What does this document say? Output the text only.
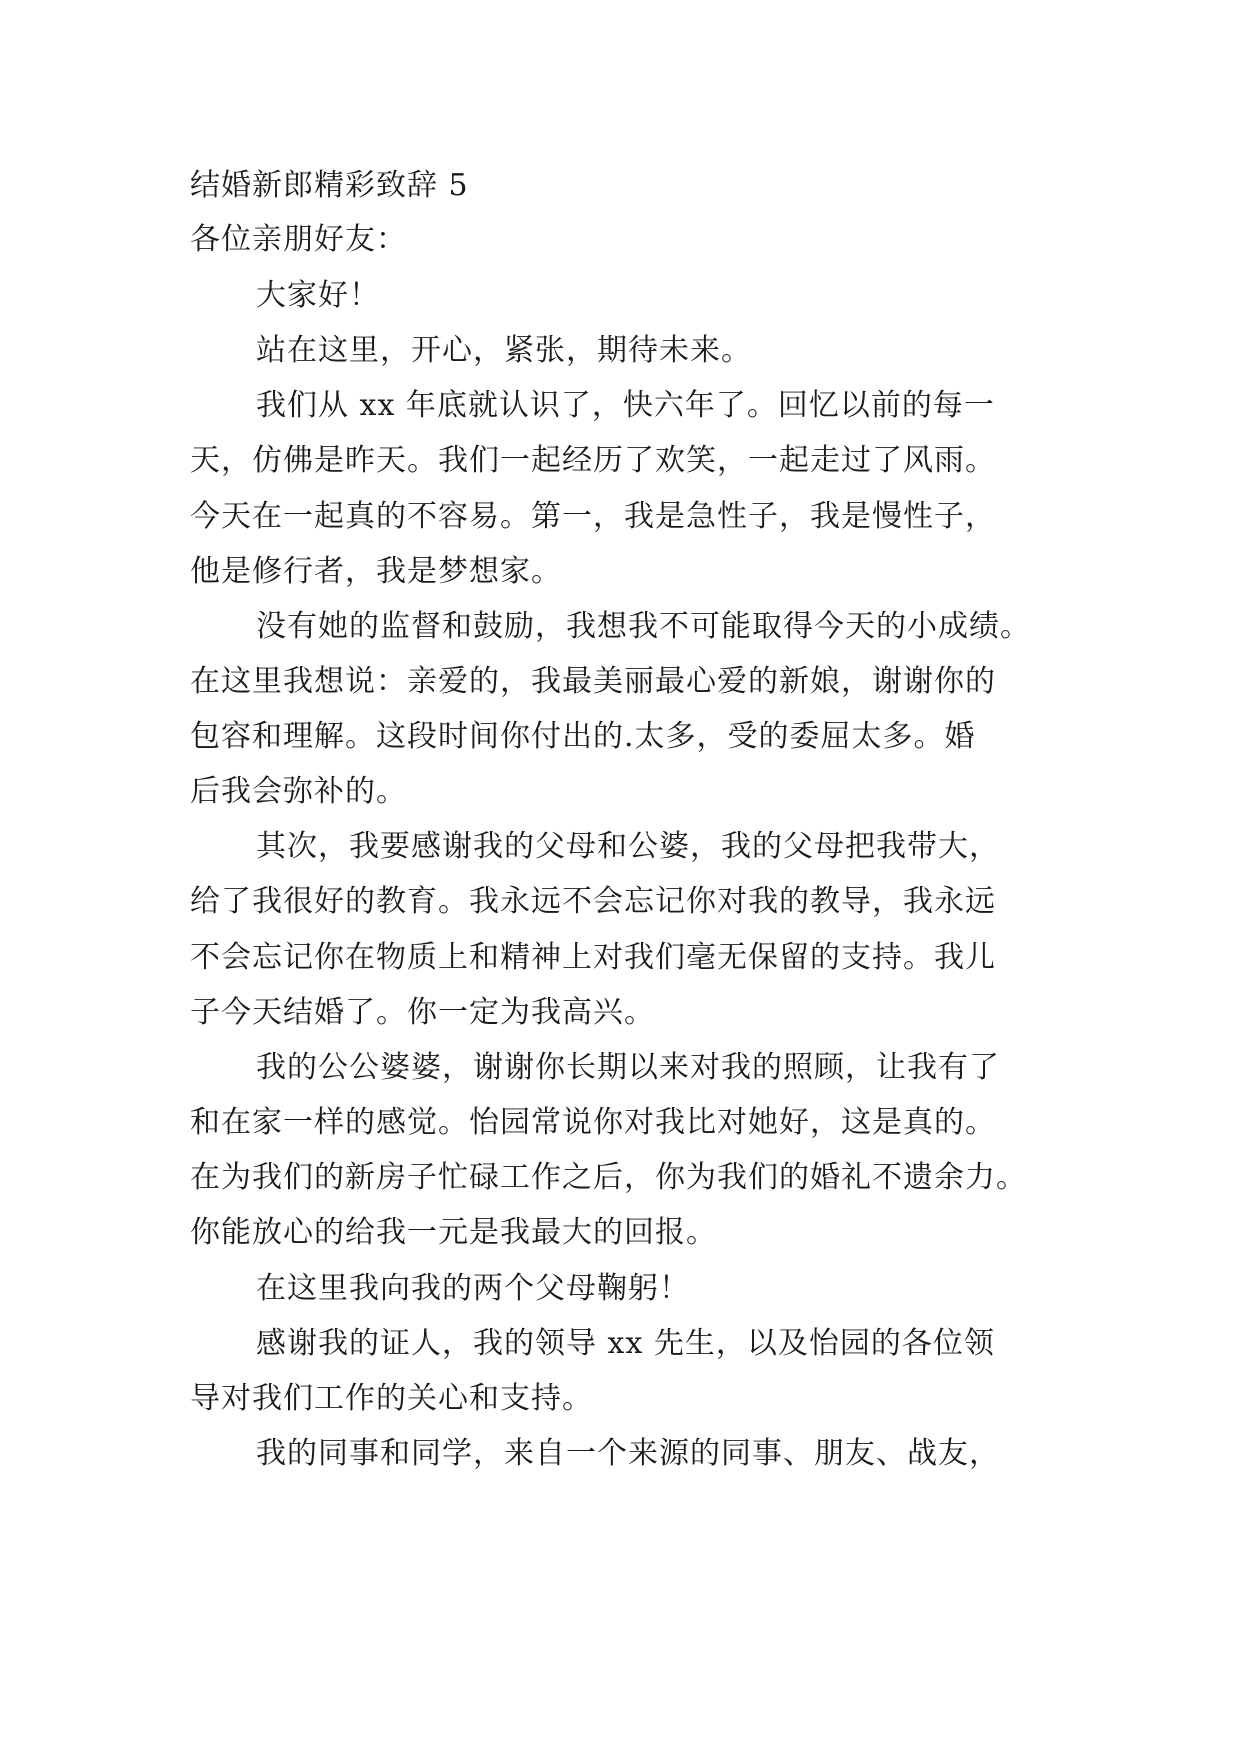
结婚新郎精彩致辞 5
各位亲朋好友：
大家好！
站在这里，开心，紧张，期待未来。
我们从 xx 年底就认识了，快六年了。回忆以前的每一
天，仿佛是昨天。我们一起经历了欢笑，一起走过了风雨。
今天在一起真的不容易。第一，我是急性子，我是慢性子，
他是修行者，我是梦想家。
没有她的监督和鼓励，我想我不可能取得今天的小成绩。
在这里我想说：亲爱的，我最美丽最心爱的新娘，谢谢你的
包容和理解。这段时间你付出的.太多，受的委屈太多。婚
后我会弥补的。
其次，我要感谢我的父母和公婆，我的父母把我带大，
给了我很好的教育。我永远不会忘记你对我的教导，我永远
不会忘记你在物质上和精神上对我们毫无保留的支持。我儿
子今天结婚了。你一定为我高兴。
我的公公婆婆，谢谢你长期以来对我的照顾，让我有了
和在家一样的感觉。怡园常说你对我比对她好，这是真的。
在为我们的新房子忙碌工作之后，你为我们的婚礼不遗余力。
你能放心的给我一元是我最大的回报。
在这里我向我的两个父母鞠躬！
感谢我的证人，我的领导 xx 先生，以及怡园的各位领
导对我们工作的关心和支持。
我的同事和同学，来自一个来源的同事、朋友、战友，
